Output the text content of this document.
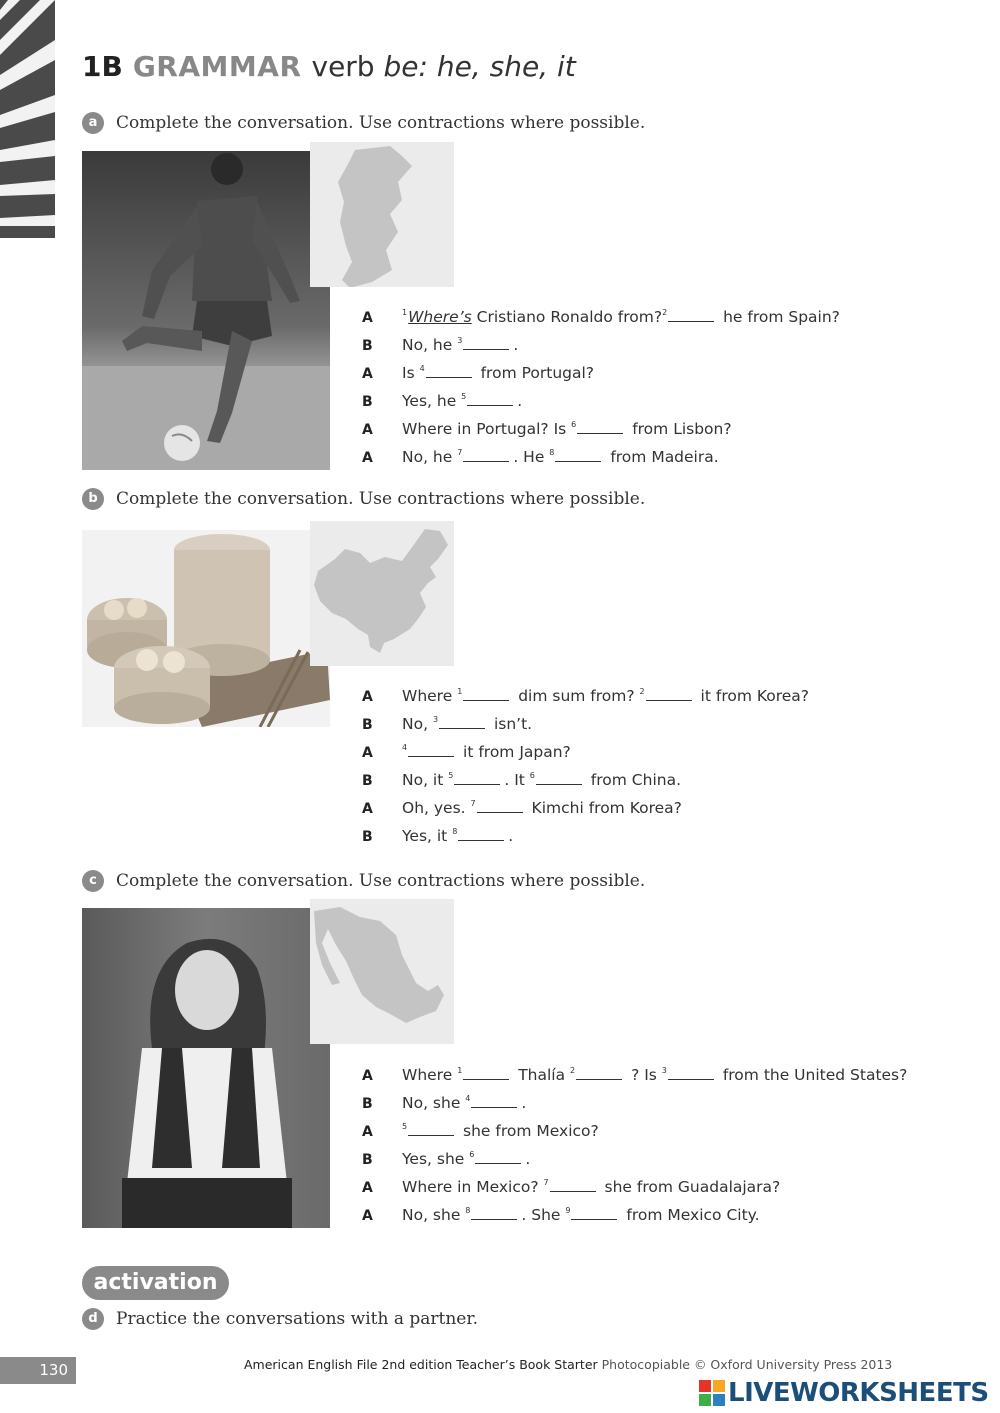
1B GRAMMAR verb be: he, she, it
a Complete the conversation. Use contractions where possible.
A	$^1$Where’s Cristiano Ronaldo from?$^2$	he from Spain?
B No, he $^3$	.
A Is $^4$	from Portugal?
B Yes, he $^5$	.
A Where in Portugal? Is $^6$	from Lisbon?
A No, he $^7$	. He $^8$	from Madeira.
b Complete the conversation. Use contractions where possible.
A Where $^1$	dim sum from? $^2$	it from Korea?
B No, $^3$	isn’t.
A	$^4$	it from Japan?
B No, it $^5$	. It $^6$	from China.
A Oh, yes. $^7$	Kimchi from Korea?
B Yes, it $^8$	.
c Complete the conversation. Use contractions where possible.
A Where $^1$	Thalía $^2$	? Is $^3$	from the United States?
B No, she $^4$	.
A	$^5$	she from Mexico?
B Yes, she $^6$	.
A Where in Mexico? $^7$	she from Guadalajara?
A No, she $^8$	. She $^9$	from Mexico City.
activation
d Practice the conversations with a partner.
130	American English File 2nd edition Teacher’s Book Starter Photocopiable © Oxford University Press 2013

LIVEWORKSHEETS
